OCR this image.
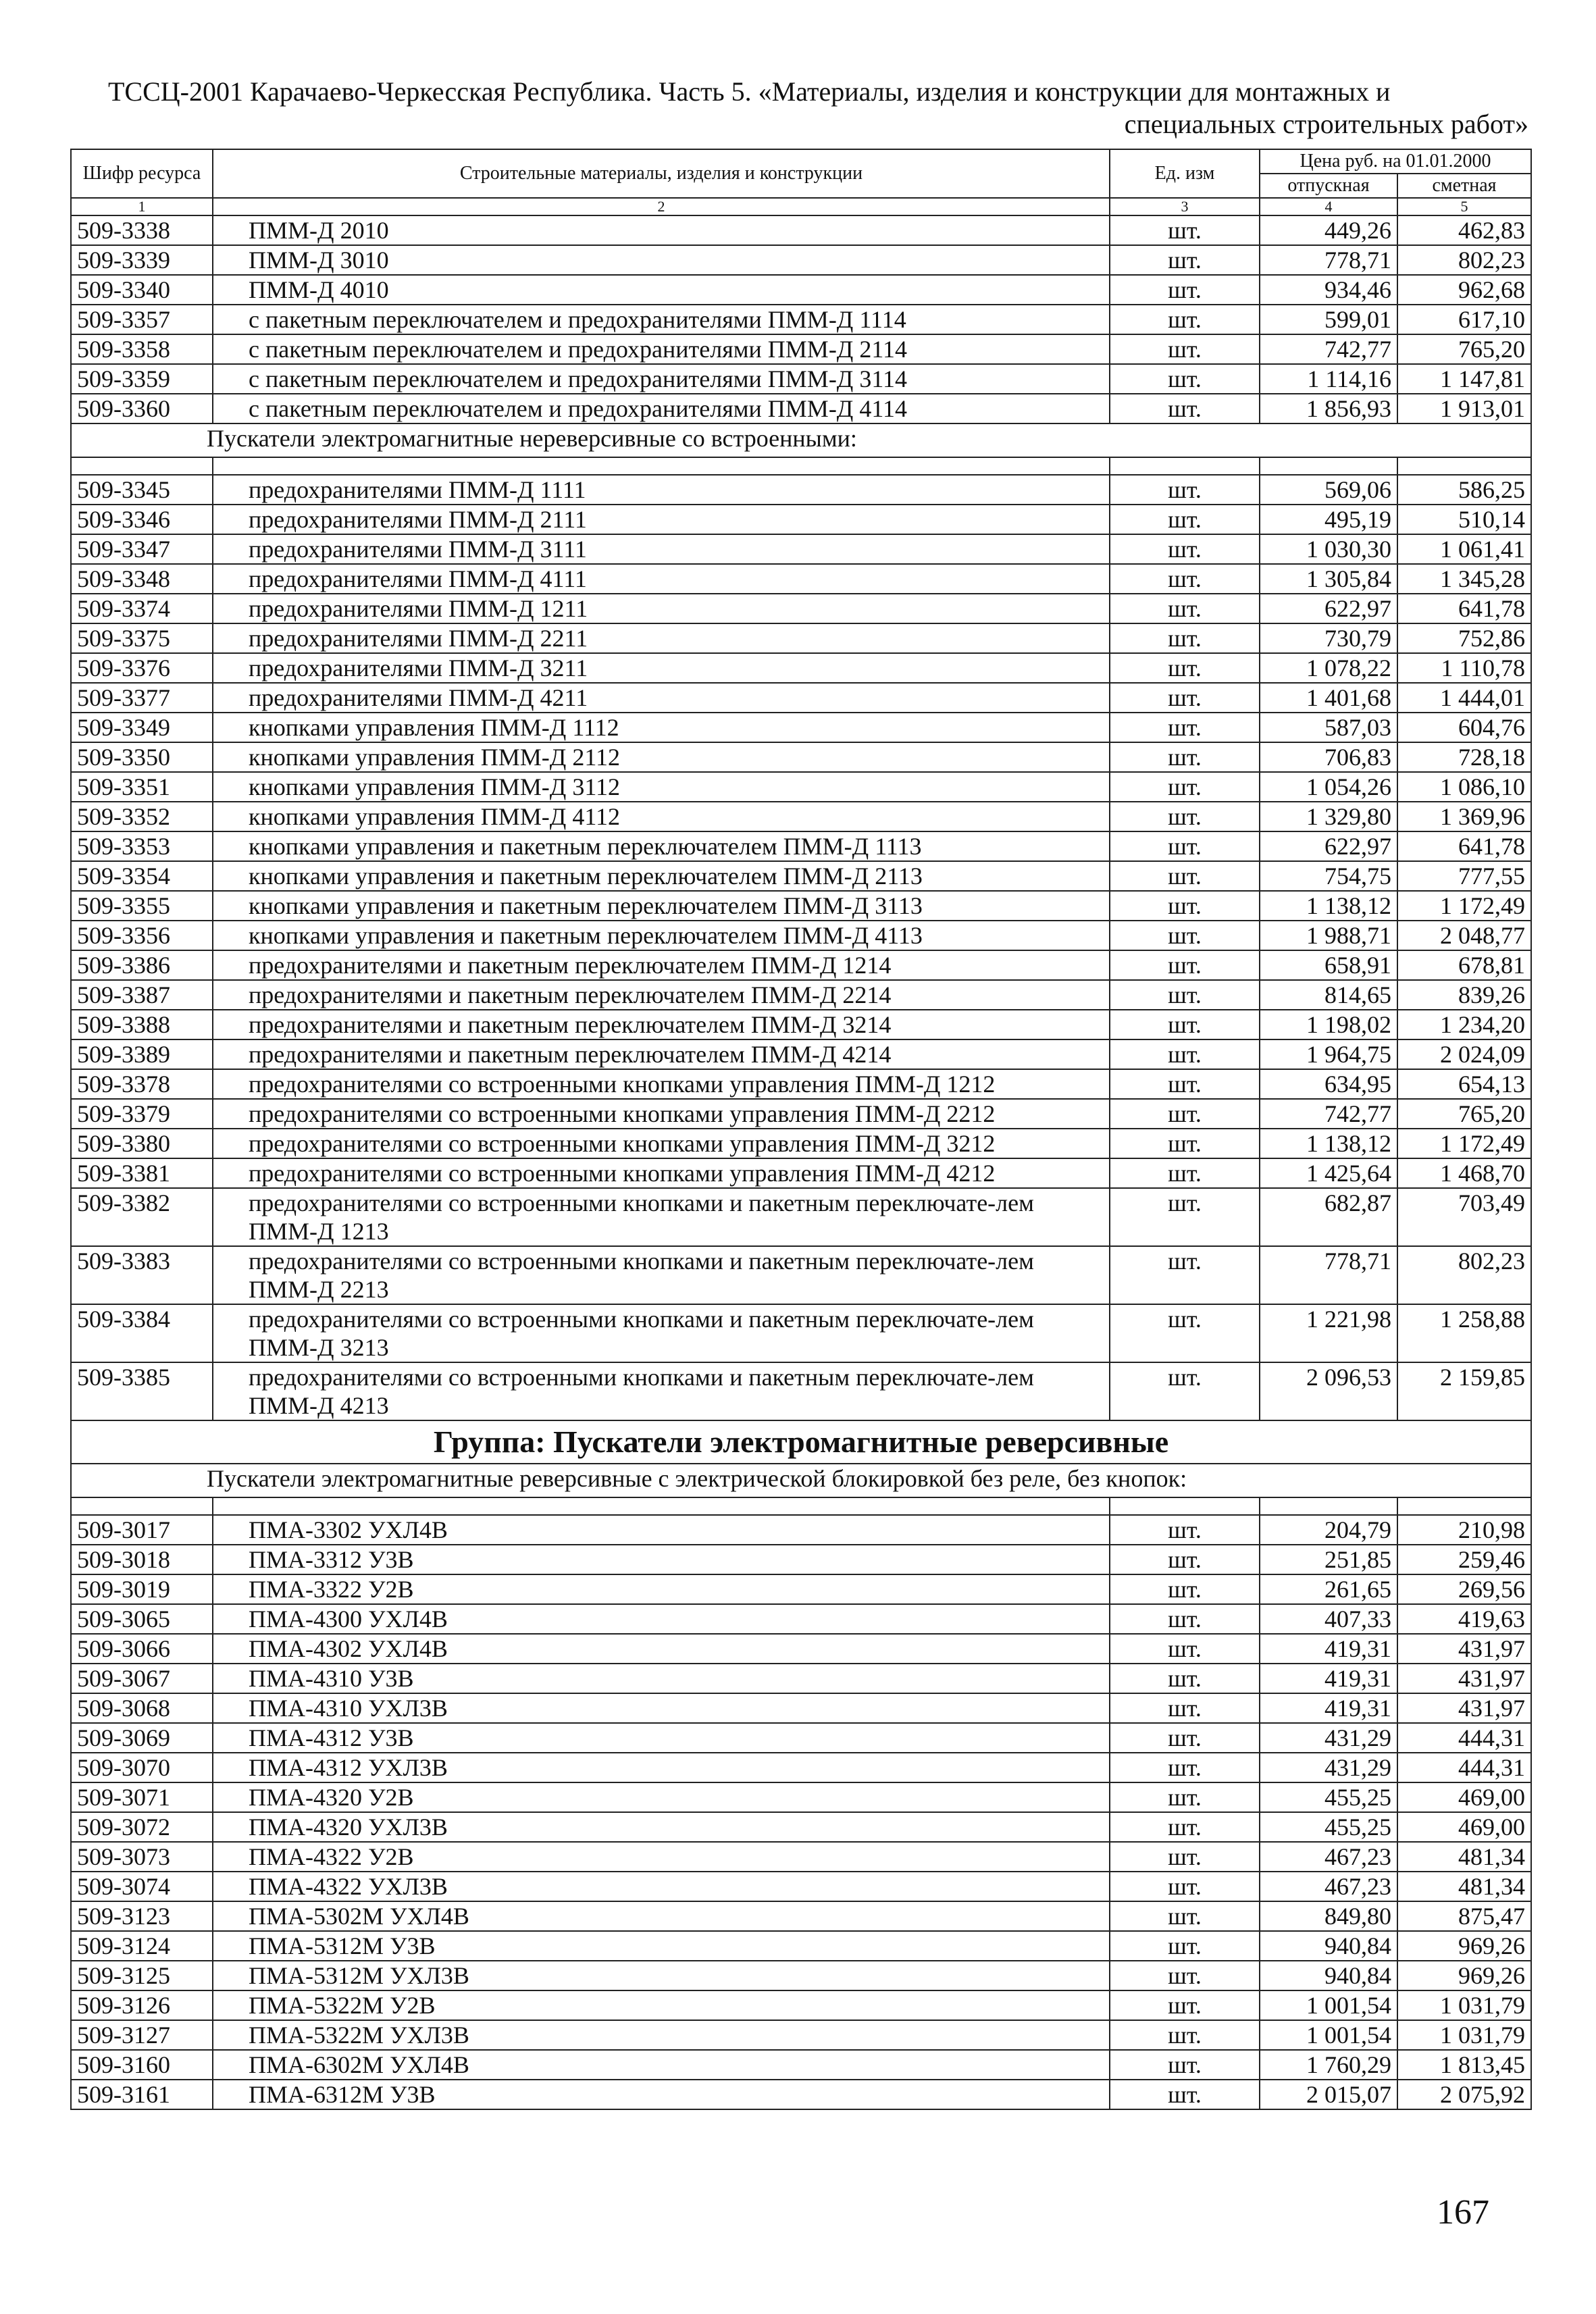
ТССЦ-2001 Карачаево-Черкесская Республика. Часть 5. «Материалы, изделия и конструкции для монтажных и
специальных строительных работ»
Шифр ресурса	Строительные материалы, изделия и конструкции	Ед. изм	Цена руб. на 01.01.2000	
			отпускная	сметная
1	2	3	4	5
509-3338	ПММ-Д 2010	шт.	449,26	462,83
509-3339	ПММ-Д 3010	шт.	778,71	802,23
509-3340	ПММ-Д 4010	шт.	934,46	962,68
509-3357	с пакетным переключателем и предохранителями ПММ-Д 1114	шт.	599,01	617,10
509-3358	с пакетным переключателем и предохранителями ПММ-Д 2114	шт.	742,77	765,20
509-3359	с пакетным переключателем и предохранителями ПММ-Д 3114	шт.	1 114,16	1 147,81
509-3360	с пакетным переключателем и предохранителями ПММ-Д 4114	шт.	1 856,93	1 913,01
Пускатели электромагнитные нереверсивные со встроенными:				

509-3345	предохранителями ПММ-Д 1111	шт.	569,06	586,25
509-3346	предохранителями ПММ-Д 2111	шт.	495,19	510,14
509-3347	предохранителями ПММ-Д 3111	шт.	1 030,30	1 061,41
509-3348	предохранителями ПММ-Д 4111	шт.	1 305,84	1 345,28
509-3374	предохранителями ПММ-Д 1211	шт.	622,97	641,78
509-3375	предохранителями ПММ-Д 2211	шт.	730,79	752,86
509-3376	предохранителями ПММ-Д 3211	шт.	1 078,22	1 110,78
509-3377	предохранителями ПММ-Д 4211	шт.	1 401,68	1 444,01
509-3349	кнопками управления ПММ-Д 1112	шт.	587,03	604,76
509-3350	кнопками управления ПММ-Д 2112	шт.	706,83	728,18
509-3351	кнопками управления ПММ-Д 3112	шт.	1 054,26	1 086,10
509-3352	кнопками управления ПММ-Д 4112	шт.	1 329,80	1 369,96
509-3353	кнопками управления и пакетным переключателем ПММ-Д 1113	шт.	622,97	641,78
509-3354	кнопками управления и пакетным переключателем ПММ-Д 2113	шт.	754,75	777,55
509-3355	кнопками управления и пакетным переключателем ПММ-Д 3113	шт.	1 138,12	1 172,49
509-3356	кнопками управления и пакетным переключателем ПММ-Д 4113	шт.	1 988,71	2 048,77
509-3386	предохранителями и пакетным переключателем ПММ-Д 1214	шт.	658,91	678,81
509-3387	предохранителями и пакетным переключателем ПММ-Д 2214	шт.	814,65	839,26
509-3388	предохранителями и пакетным переключателем ПММ-Д 3214	шт.	1 198,02	1 234,20
509-3389	предохранителями и пакетным переключателем ПММ-Д 4214	шт.	1 964,75	2 024,09
509-3378	предохранителями со встроенными кнопками управления ПММ-Д 1212	шт.	634,95	654,13
509-3379	предохранителями со встроенными кнопками управления ПММ-Д 2212	шт.	742,77	765,20
509-3380	предохранителями со встроенными кнопками управления ПММ-Д 3212	шт.	1 138,12	1 172,49
509-3381	предохранителями со встроенными кнопками управления ПММ-Д 4212	шт.	1 425,64	1 468,70
509-3382	предохранителями со встроенными кнопками и пакетным переключате-лем ПММ-Д 1213	шт.	682,87	703,49
509-3383	предохранителями со встроенными кнопками и пакетным переключате-лем ПММ-Д 2213	шт.	778,71	802,23
509-3384	предохранителями со встроенными кнопками и пакетным переключате-лем ПММ-Д 3213	шт.	1 221,98	1 258,88
509-3385	предохранителями со встроенными кнопками и пакетным переключате-лем ПММ-Д 4213	шт.	2 096,53	2 159,85
Группа: Пускатели электромагнитные реверсивные				
Пускатели электромагнитные реверсивные с электрической блокировкой без реле, без кнопок:				

509-3017	ПМА-3302 УХЛ4В	шт.	204,79	210,98
509-3018	ПМА-3312 У3В	шт.	251,85	259,46
509-3019	ПМА-3322 У2В	шт.	261,65	269,56
509-3065	ПМА-4300 УХЛ4В	шт.	407,33	419,63
509-3066	ПМА-4302 УХЛ4В	шт.	419,31	431,97
509-3067	ПМА-4310 У3В	шт.	419,31	431,97
509-3068	ПМА-4310 УХЛ3В	шт.	419,31	431,97
509-3069	ПМА-4312 У3В	шт.	431,29	444,31
509-3070	ПМА-4312 УХЛ3В	шт.	431,29	444,31
509-3071	ПМА-4320 У2В	шт.	455,25	469,00
509-3072	ПМА-4320 УХЛ3В	шт.	455,25	469,00
509-3073	ПМА-4322 У2В	шт.	467,23	481,34
509-3074	ПМА-4322 УХЛ3В	шт.	467,23	481,34
509-3123	ПМА-5302М УХЛ4В	шт.	849,80	875,47
509-3124	ПМА-5312М У3В	шт.	940,84	969,26
509-3125	ПМА-5312М УХЛ3В	шт.	940,84	969,26
509-3126	ПМА-5322М У2В	шт.	1 001,54	1 031,79
509-3127	ПМА-5322М УХЛ3В	шт.	1 001,54	1 031,79
509-3160	ПМА-6302М УХЛ4В	шт.	1 760,29	1 813,45
509-3161	ПМА-6312М У3В	шт.	2 015,07	2 075,92
167
